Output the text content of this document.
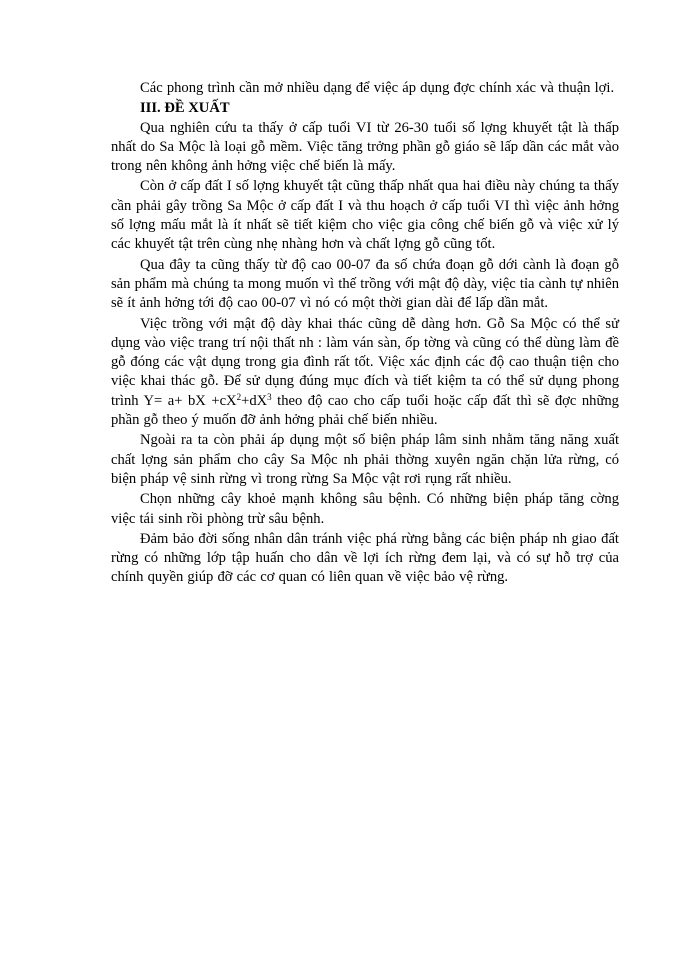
Các phong trình cần mở nhiều dạng để việc áp dụng đợc chính xác và thuận lợi.

III. ĐỀ XUẤT

Qua nghiên cứu ta thấy ở cấp tuổi VI từ 26-30 tuổi số lợng khuyết tật là thấp nhất do Sa Mộc là loại gỗ mềm. Việc tăng trởng phần gỗ giáo sẽ lấp dần các mắt vào trong nên không ảnh hởng việc chế biến là mấy.

Còn ở cấp đất I số lợng khuyết tật cũng thấp nhất qua hai điều này chúng ta thấy cần phải gây trồng Sa Mộc ở cấp đất I và thu hoạch ở cấp tuổi VI thì việc ảnh hởng số lợng mấu mắt là ít nhất sẽ tiết kiệm cho việc gia công chế biến gỗ và việc xử lý các khuyết tật trên cùng nhẹ nhàng hơn và chất lợng gỗ cũng tốt.

Qua đây ta cũng thấy từ độ cao 00-07 đa số chứa đoạn gỗ dới cành là đoạn gỗ sản phẩm mà chúng ta mong muốn vì thế trồng với mật độ dày, việc tỉa cành tự nhiên sẽ ít ảnh hởng tới độ cao 00-07 vì nó có một thời gian dài để lấp dần mắt.

Việc trồng với mật độ dày khai thác cũng dễ dàng hơn. Gỗ Sa Mộc có thể sử dụng vào việc trang trí nội thất nh : làm ván sàn, ốp tờng và cũng có thể dùng làm đề gỗ đóng các vật dụng trong gia đình rất tốt. Việc xác định các độ cao thuận tiện cho việc khai thác gỗ. Để sử dụng đúng mục đích và tiết kiệm ta có thể sử dụng phong trình Y= a+ bX $+cX^2+dX^3$ theo độ cao cho cấp tuổi hoặc cấp đất thì sẽ đợc những phần gỗ theo ý muốn đỡ ảnh hởng phải chế biến nhiều.

Ngoài ra ta còn phải áp dụng một số biện pháp lâm sinh nhằm tăng năng xuất chất lợng sản phẩm cho cây Sa Mộc nh phải thờng xuyên ngăn chặn lửa rừng, có biện pháp vệ sinh rừng vì trong rừng Sa Mộc vật rơi rụng rất nhiều.

Chọn những cây khoẻ mạnh không sâu bệnh. Có những biện pháp tăng cờng việc tái sinh rồi phòng trừ sâu bệnh.

Đảm bảo đời sống nhân dân tránh việc phá rừng bằng các biện pháp nh giao đất rừng có những lớp tập huấn cho dân về lợi ích rừng đem lại, và có sự hỗ trợ của chính quyền giúp đỡ các cơ quan có liên quan về việc bảo vệ rừng.
